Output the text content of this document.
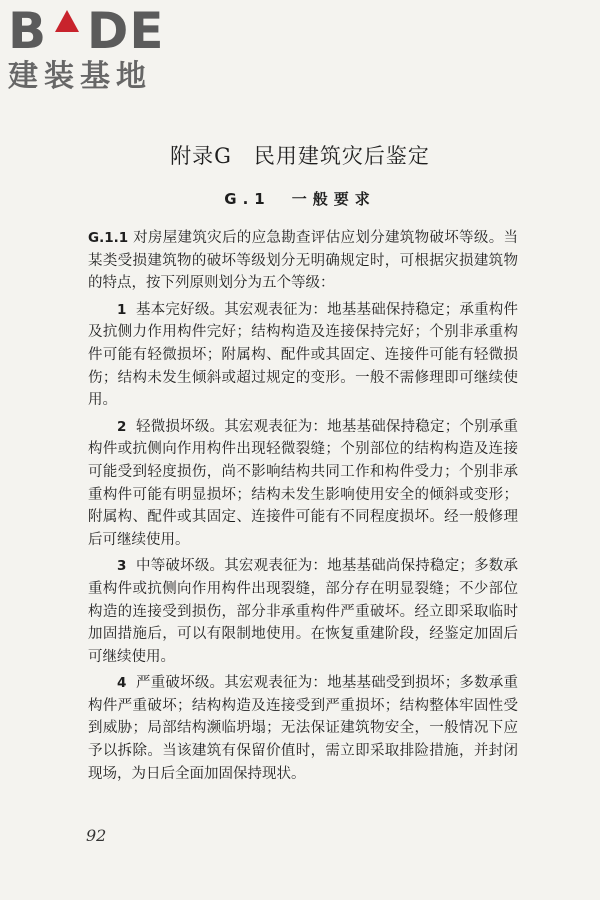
B DE
建装基地
附录G　民用建筑灾后鉴定
G.1　一般要求

G.1.1 对房屋建筑灾后的应急勘查评估应划分建筑物破坏等级。当某类受损建筑物的破坏等级划分无明确规定时，可根据灾损建筑物的特点，按下列原则划分为五个等级：

1 基本完好级。其宏观表征为：地基基础保持稳定；承重构件及抗侧力作用构件完好；结构构造及连接保持完好；个别非承重构件可能有轻微损坏；附属构、配件或其固定、连接件可能有轻微损伤；结构未发生倾斜或超过规定的变形。一般不需修理即可继续使用。

2 轻微损坏级。其宏观表征为：地基基础保持稳定；个别承重构件或抗侧向作用构件出现轻微裂缝；个别部位的结构构造及连接可能受到轻度损伤，尚不影响结构共同工作和构件受力；个别非承重构件可能有明显损坏；结构未发生影响使用安全的倾斜或变形；附属构、配件或其固定、连接件可能有不同程度损坏。经一般修理后可继续使用。

3 中等破坏级。其宏观表征为：地基基础尚保持稳定；多数承重构件或抗侧向作用构件出现裂缝，部分存在明显裂缝；不少部位构造的连接受到损伤，部分非承重构件严重破坏。经立即采取临时加固措施后，可以有限制地使用。在恢复重建阶段，经鉴定加固后可继续使用。

4 严重破坏级。其宏观表征为：地基基础受到损坏；多数承重构件严重破坏；结构构造及连接受到严重损坏；结构整体牢固性受到威胁；局部结构濒临坍塌；无法保证建筑物安全，一般情况下应予以拆除。当该建筑有保留价值时，需立即采取排险措施，并封闭现场，为日后全面加固保持现状。

92
